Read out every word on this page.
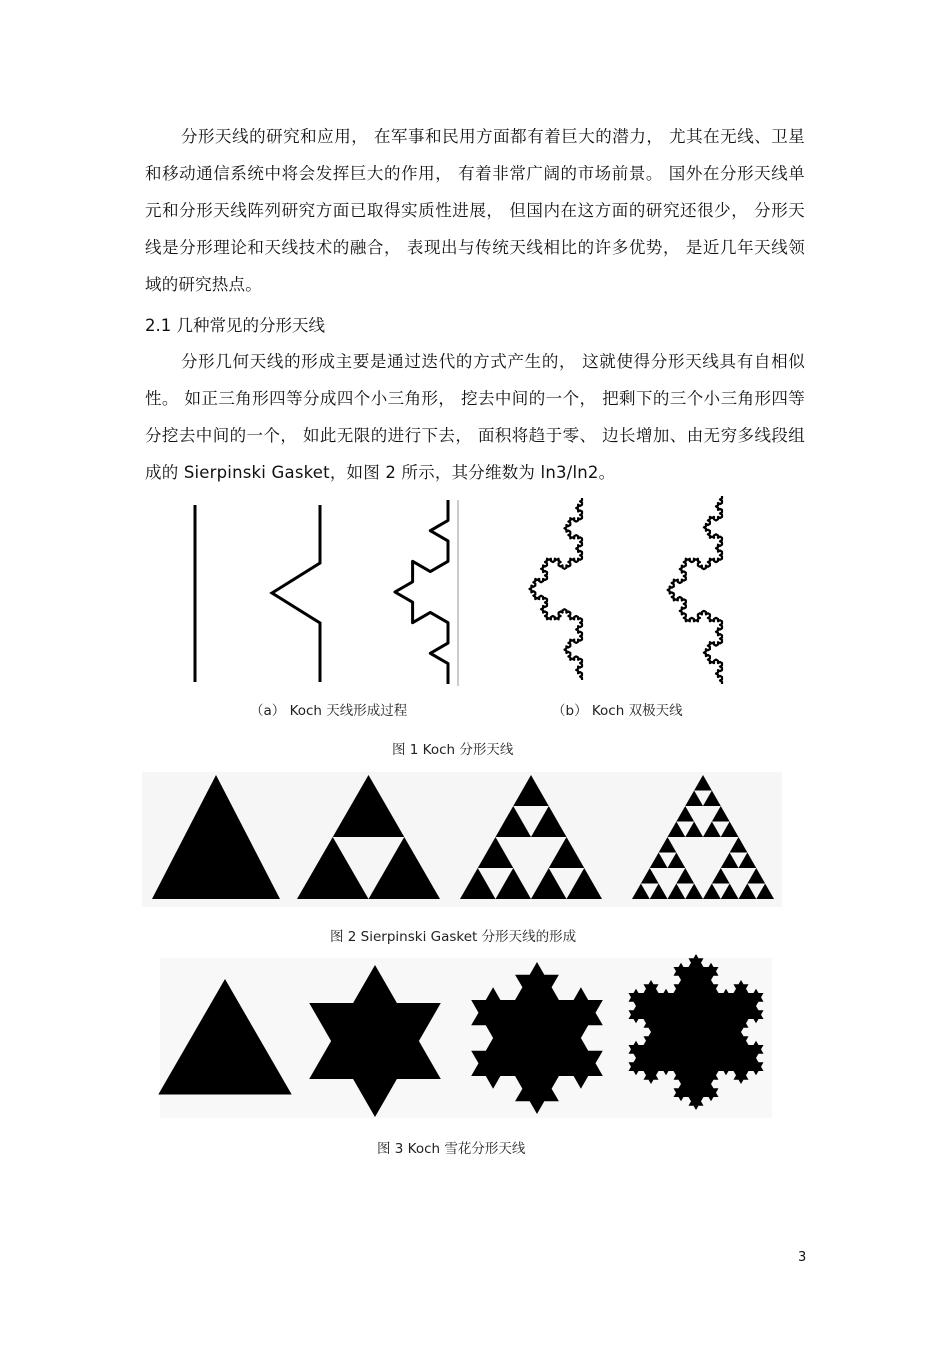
分形天线的研究和应用， 在军事和民用方面都有着巨大的潜力， 尤其在无线、卫星和移动通信系统中将会发挥巨大的作用， 有着非常广阔的市场前景。 国外在分形天线单元和分形天线阵列研究方面已取得实质性进展， 但国内在这方面的研究还很少， 分形天线是分形理论和天线技术的融合， 表现出与传统天线相比的许多优势， 是近几年天线领域的研究热点。

2.1 几种常见的分形天线

分形几何天线的形成主要是通过迭代的方式产生的， 这就使得分形天线具有自相似性。 如正三角形四等分成四个小三角形， 挖去中间的一个， 把剩下的三个小三角形四等分挖去中间的一个， 如此无限的进行下去， 面积将趋于零、 边长增加、由无穷多线段组成的 Sierpinski Gasket，如图 2 所示，其分维数为 ln3/ln2。

（a） Koch 天线形成过程	（b） Koch 双极天线
图 1 Koch 分形天线
图 2 Sierpinski Gasket 分形天线的形成
图 3 Koch 雪花分形天线
3
